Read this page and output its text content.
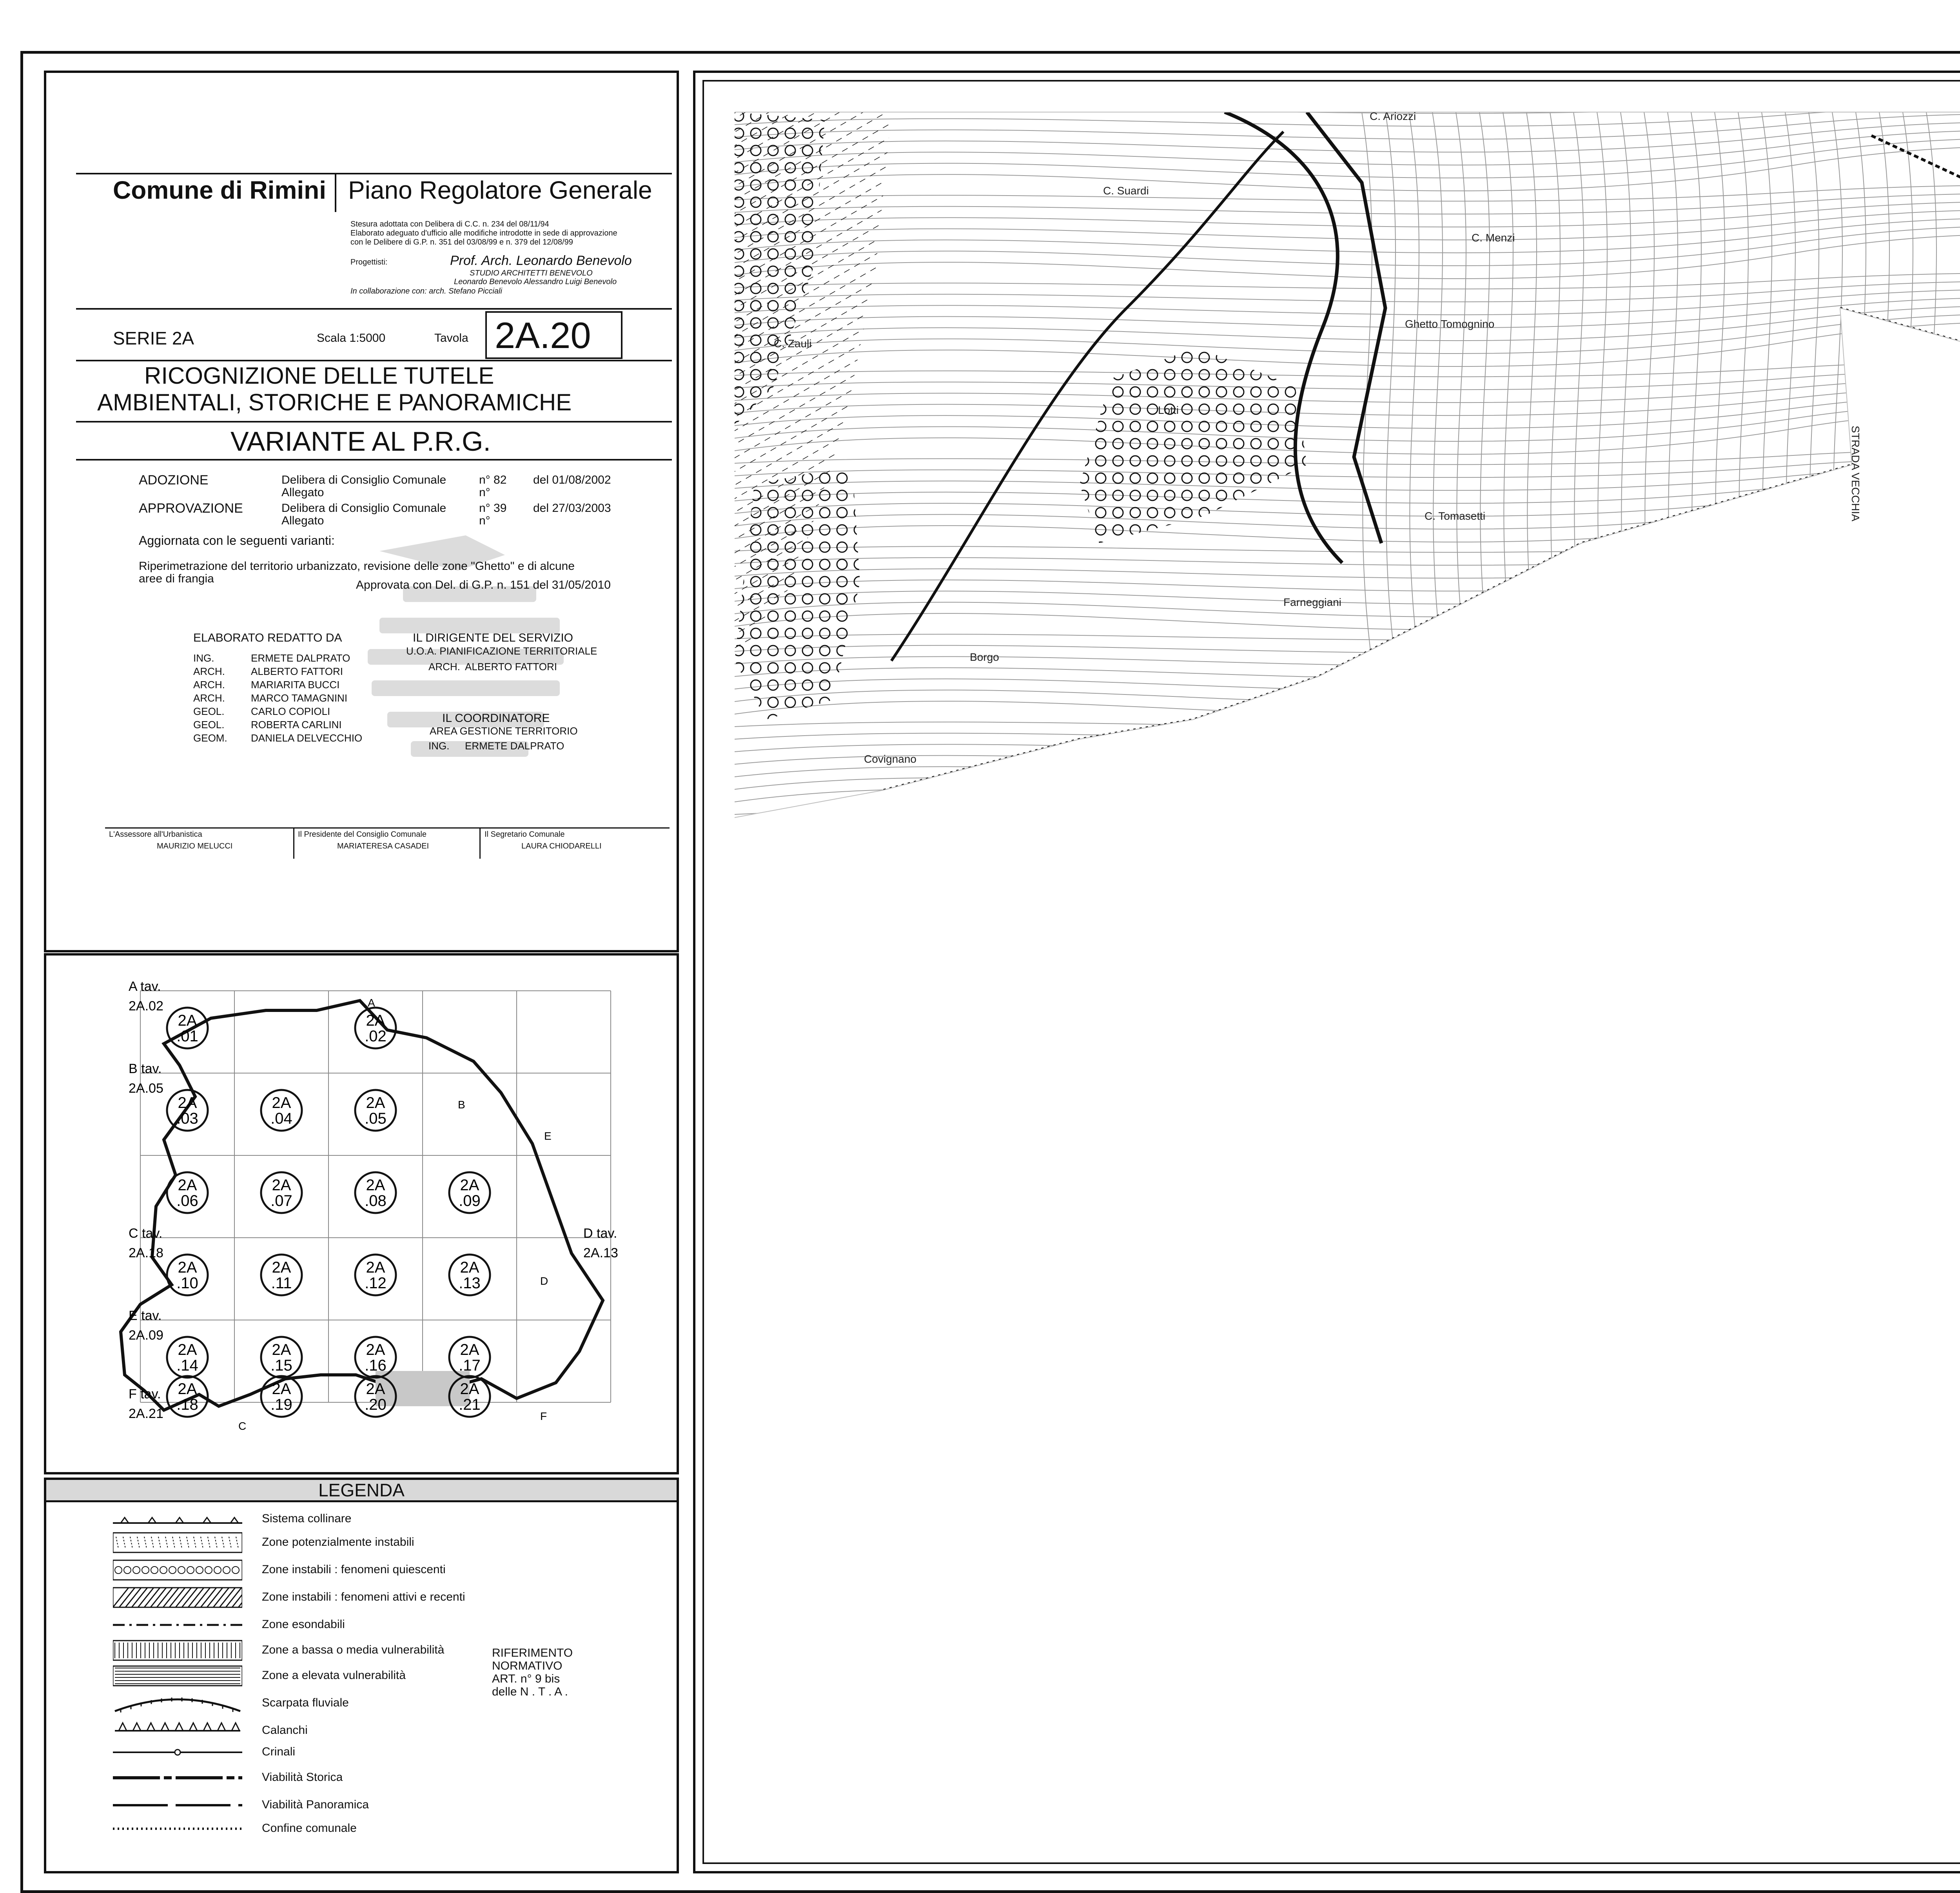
Comune di Rimini Piano Regolatore Generale
Stesura adottata con Delibera di C.C. n. 234 del 08/11/94
Elaborato adeguato d'ufficio alle modifiche introdotte in sede di approvazione
con le Delibere di G.P. n. 351 del 03/08/99 e n. 379 del 12/08/99
Progettisti:	Prof. Arch. Leonardo Benevolo
STUDIO ARCHITETTI BENEVOLO
Leonardo Benevolo Alessandro Luigi Benevolo
In collaborazione con: arch. Stefano Picciali
SERIE 2A	Scala 1:5000	Tavola 2A.20
RICOGNIZIONE DELLE TUTELE
AMBIENTALI, STORICHE E PANORAMICHE
VARIANTE AL P.R.G.
ADOZIONE	Delibera di Consiglio Comunale	n° 82 del 01/08/2002
Allegato	n°
APPROVAZIONE	Delibera di Consiglio Comunale	n° 39 del 27/03/2003
Allegato	n°
Aggiornata con le seguenti varianti:
Riperimetrazione del territorio urbanizzato, revisione delle zone "Ghetto" e di alcune
aree di frangia	Approvata con Del. di G.P. n. 151 del 31/05/2010
ELABORATO REDATTO DA	IL DIRIGENTE DEL SERVIZIO
U.O.A. PIANIFICAZIONE TERRITORIALE
ARCH. ALBERTO FATTORI
IL COORDINATORE
AREA GESTIONE TERRITORIO
ING. ERMETE DALPRATO
L'Assessore all'Urbanistica
MAURIZIO MELUCCI
Il Presidente del Consiglio Comunale
MARIATERESA CASADEI
Il Segretario Comunale
LAURA CHIODARELLI
ING.	ERMETE DALPRATO
ARCH.	ALBERTO FATTORI
ARCH.	MARIARITA BUCCI
ARCH.	MARCO TAMAGNINI
GEOL.	CARLO COPIOLI
GEOL.	ROBERTA CARLINI
GEOM. DANIELA DELVECCHIO
2A
.01
2A
.02
2A
.03
2A
.04
2A
.05
2A
.06
2A
.07
2A
.08
2A
.09
2A
.10
2A
.11
2A
.12
2A
.13
2A
.14
2A
.15
2A
.16
2A
.17
2A
.18
2A
.19
2A
.20
2A
.21
A tav.
2A.02
B tav.
2A.05
C tav.
2A.18
E tav.
2A.09
F tav.
2A.21
D tav.
2A.13
A
B
E
C
D
F
LEGENDA
RIFERIMENTO
NORMATIVO
ART. n° 9 bis
delle N . T . A .
Sistema collinare
Zone potenzialmente instabili
Zone instabili : fenomeni quiescenti
Zone instabili : fenomeni attivi e recenti
Zone esondabili
Zone a bassa o media vulnerabilità
Zone a elevata vulnerabilità
Scarpata fluviale
Calanchi
Crinali
Viabilità Storica
Viabilità Panoramica
Confine comunale
C. Ariozzi
C. Suardi
C. Menzi
Ghetto Tomognino
C. Tomasetti
Farneggiani
Lotti
Borgo
Covignano
C. Zauli
STRADA VECCHIA
